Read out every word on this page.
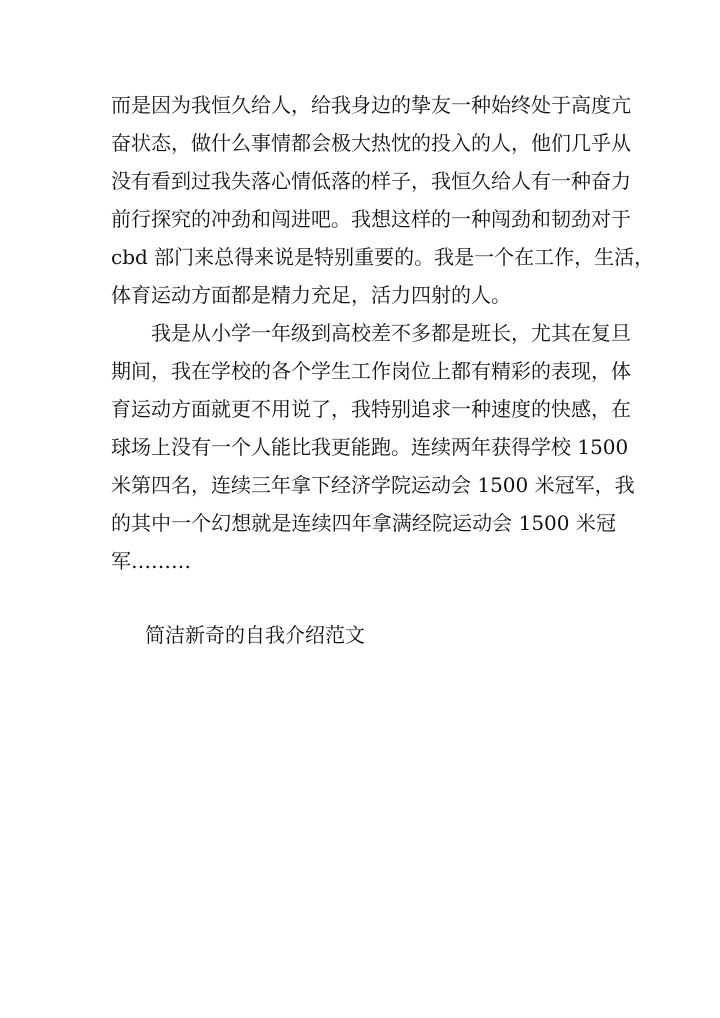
而是因为我恒久给人，给我身边的挚友一种始终处于高度亢
奋状态，做什么事情都会极大热忱的投入的人，他们几乎从
没有看到过我失落心情低落的样子，我恒久给人有一种奋力
前行探究的冲劲和闯进吧。我想这样的一种闯劲和韧劲对于
cbd 部门来总得来说是特别重要的。我是一个在工作，生活，
体育运动方面都是精力充足，活力四射的人。
我是从小学一年级到高校差不多都是班长，尤其在复旦
期间，我在学校的各个学生工作岗位上都有精彩的表现，体
育运动方面就更不用说了，我特别追求一种速度的快感，在
球场上没有一个人能比我更能跑。连续两年获得学校 1500
米第四名，连续三年拿下经济学院运动会 1500 米冠军，我
的其中一个幻想就是连续四年拿满经院运动会 1500 米冠
军………
简洁新奇的自我介绍范文
